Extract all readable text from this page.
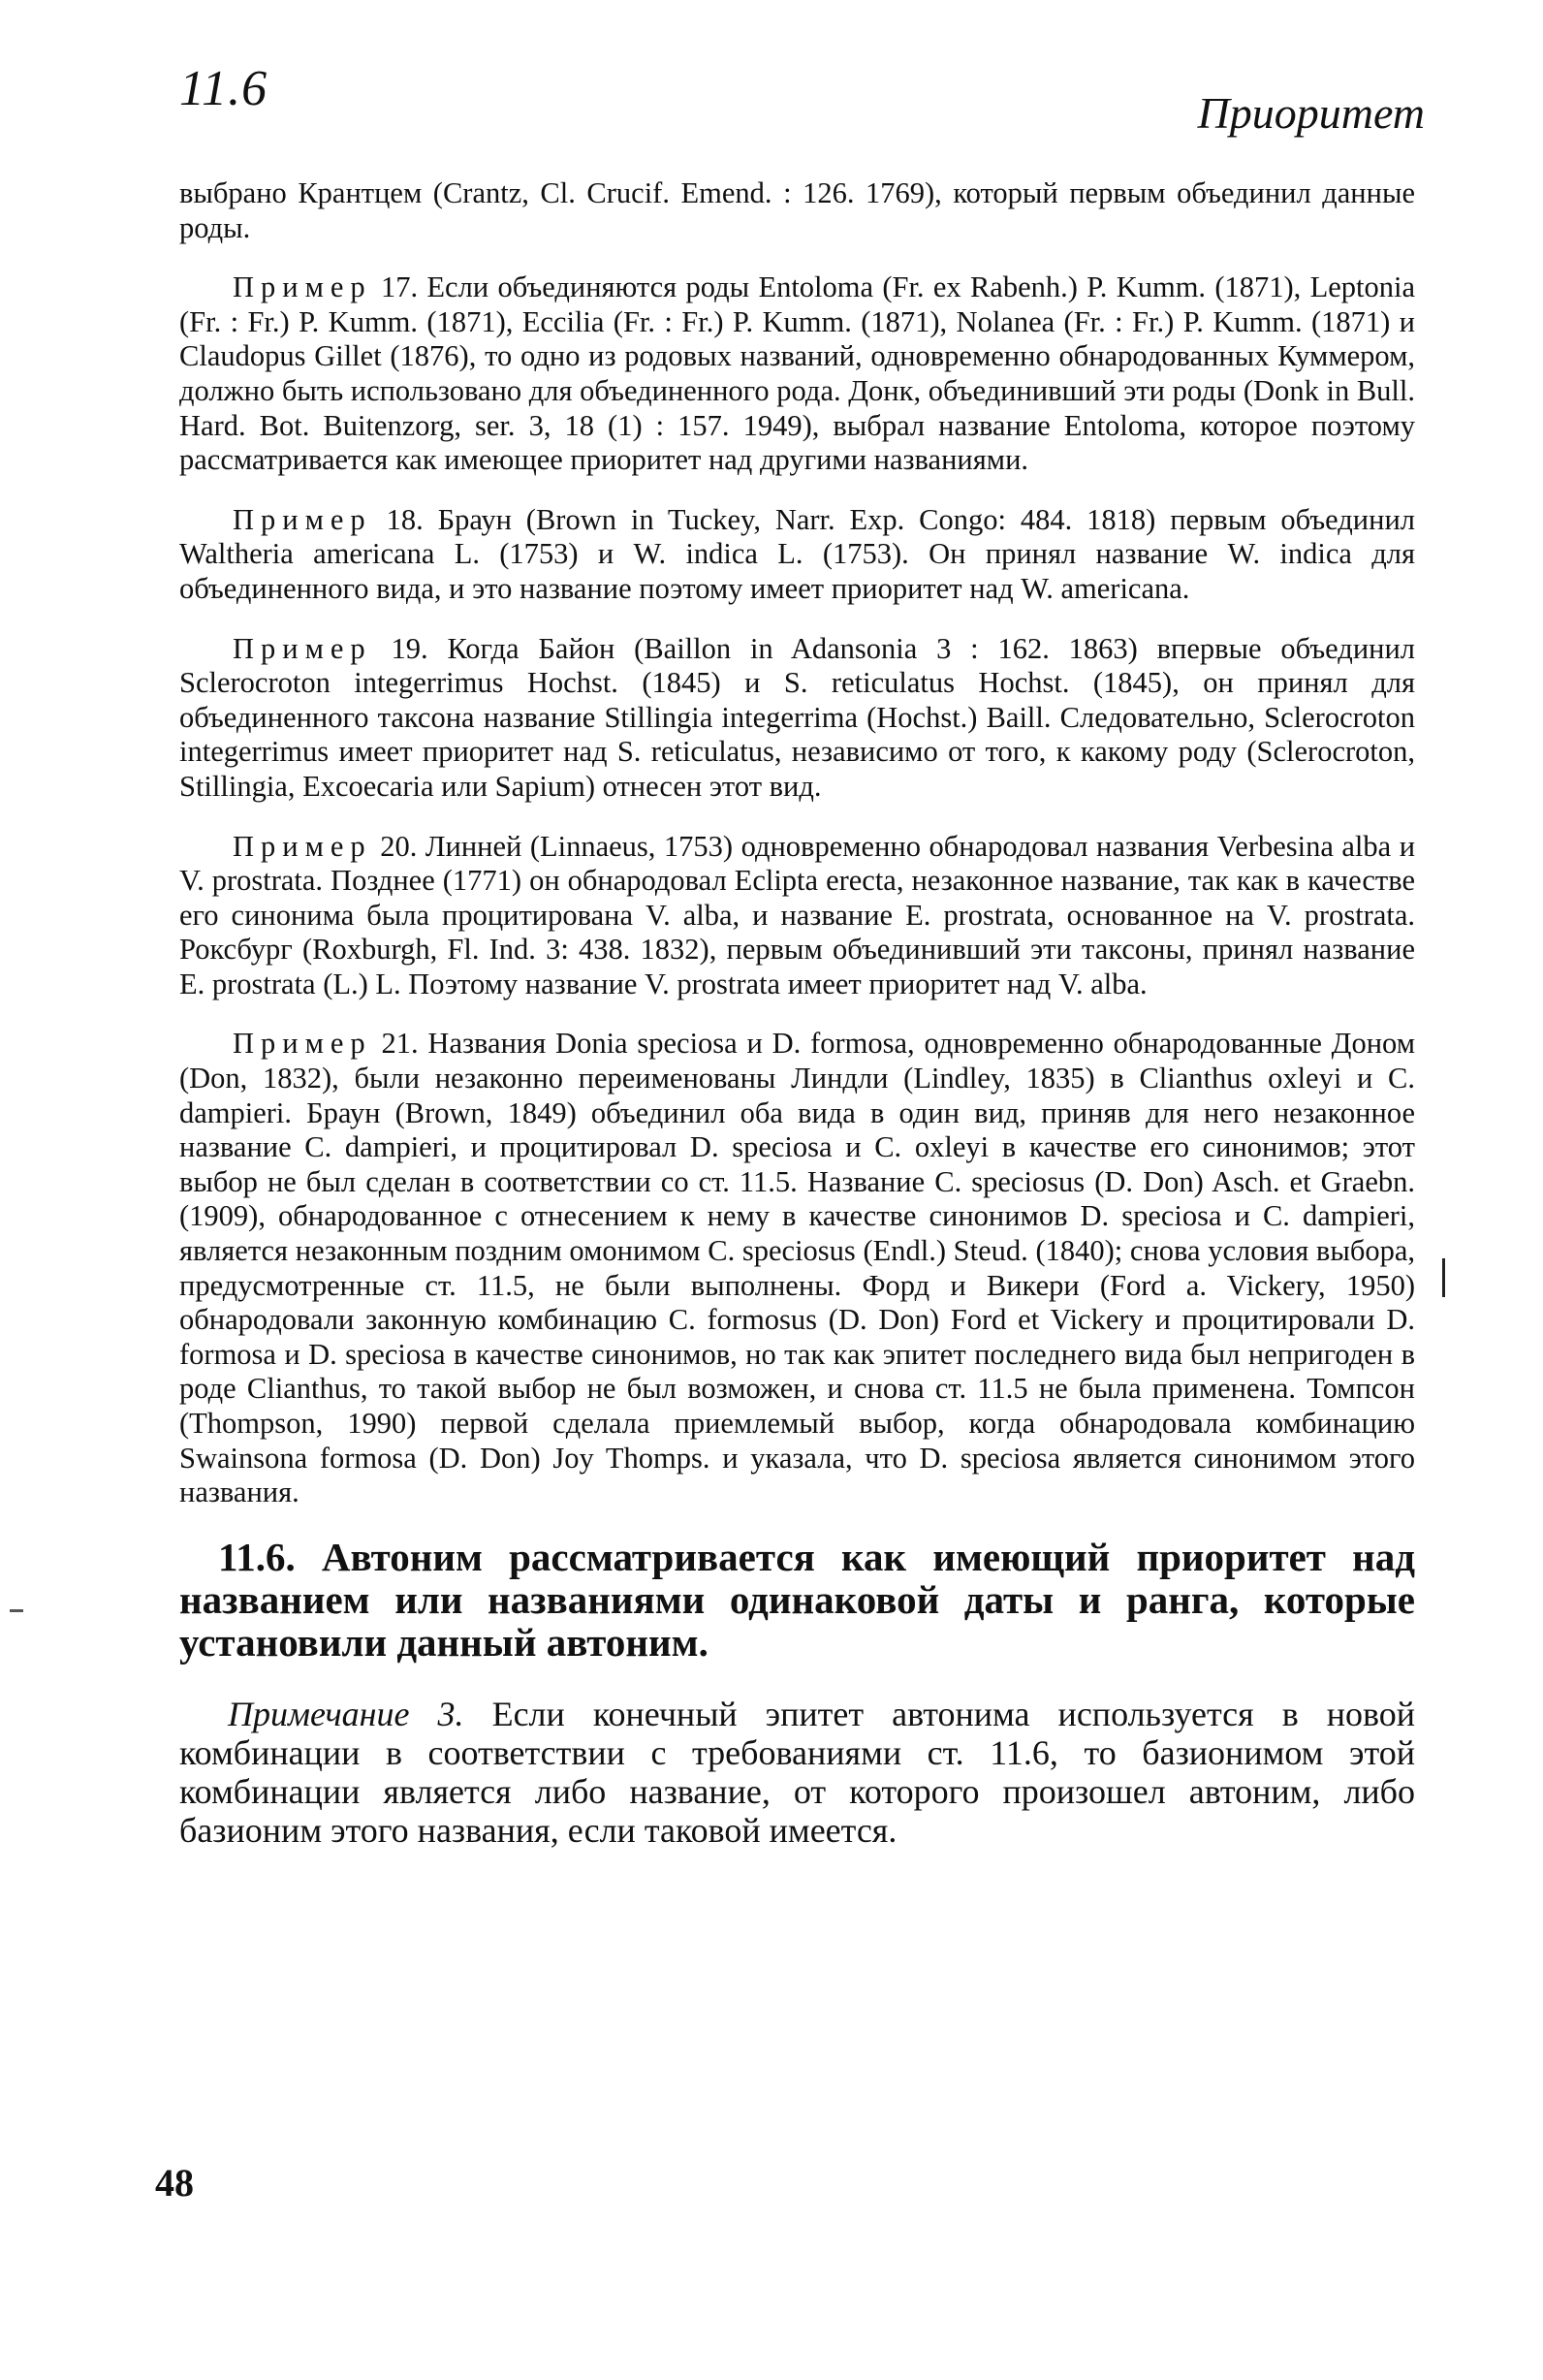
11.6	Приоритет

выбрано Крантцем (Crantz, Cl. Crucif. Emend. : 126. 1769), который первым объединил данные роды.

Пример 17. Если объединяются роды Entoloma (Fr. ex Rabenh.) P. Kumm. (1871), Leptonia (Fr. : Fr.) P. Kumm. (1871), Eccilia (Fr. : Fr.) P. Kumm. (1871), Nolanea (Fr. : Fr.) P. Kumm. (1871) и Claudopus Gillet (1876), то одно из родовых названий, одновременно обнародованных Куммером, должно быть использовано для объединенного рода. Донк, объединивший эти роды (Donk in Bull. Hard. Bot. Buitenzorg, ser. 3, 18 (1) : 157. 1949), выбрал название Entoloma, которое поэтому рассматривается как имеющее приоритет над другими названиями.

Пример 18. Браун (Brown in Tuckey, Narr. Exp. Congo: 484. 1818) первым объединил Waltheria americana L. (1753) и W. indica L. (1753). Он принял название W. indica для объединенного вида, и это название поэтому имеет приоритет над W. americana.

Пример 19. Когда Байон (Baillon in Adansonia 3 : 162. 1863) впервые объединил Sclerocroton integerrimus Hochst. (1845) и S. reticulatus Hochst. (1845), он принял для объединенного таксона название Stillingia integerrima (Hochst.) Baill. Следовательно, Sclerocroton integerrimus имеет приоритет над S. reticulatus, независимо от того, к какому роду (Sclerocroton, Stillingia, Excoecaria или Sapium) отнесен этот вид.

Пример 20. Линней (Linnaeus, 1753) одновременно обнародовал названия Verbesina alba и V. prostrata. Позднее (1771) он обнародовал Eclipta erecta, незаконное название, так как в качестве его синонима была процитирована V. alba, и название E. prostrata, основанное на V. prostrata. Роксбург (Roxburgh, Fl. Ind. 3: 438. 1832), первым объединивший эти таксоны, принял название E. prostrata (L.) L. Поэтому название V. prostrata имеет приоритет над V. alba.

Пример 21. Названия Donia speciosa и D. formosa, одновременно обнародованные Доном (Don, 1832), были незаконно переименованы Линдли (Lindley, 1835) в Clianthus oxleyi и C. dampieri. Браун (Brown, 1849) объединил оба вида в один вид, приняв для него незаконное название C. dampieri, и процитировал D. speciosa и C. oxleyi в качестве его синонимов; этот выбор не был сделан в соответствии со ст. 11.5. Название C. speciosus (D. Don) Asch. et Graebn. (1909), обнародованное с отнесением к нему в качестве синонимов D. speciosa и C. dampieri, является незаконным поздним омонимом C. speciosus (Endl.) Steud. (1840); снова условия выбора, предусмотренные ст. 11.5, не были выполнены. Форд и Викери (Ford a. Vickery, 1950) обнародовали законную комбинацию C. formosus (D. Don) Ford et Vickery и процитировали D. formosa и D. speciosa в качестве синонимов, но так как эпитет последнего вида был непригоден в роде Clianthus, то такой выбор не был возможен, и снова ст. 11.5 не была применена. Томпсон (Thompson, 1990) первой сделала приемлемый выбор, когда обнародовала комбинацию Swainsona formosa (D. Don) Joy Thomps. и указала, что D. speciosa является синонимом этого названия.

11.6. Автоним рассматривается как имеющий приоритет над названием или названиями одинаковой даты и ранга, которые установили данный автоним.

Примечание 3. Если конечный эпитет автонима используется в новой комбинации в соответствии с требованиями ст. 11.6, то базионимом этой комбинации является либо название, от которого произошел автоним, либо базионим этого названия, если таковой имеется.

48
